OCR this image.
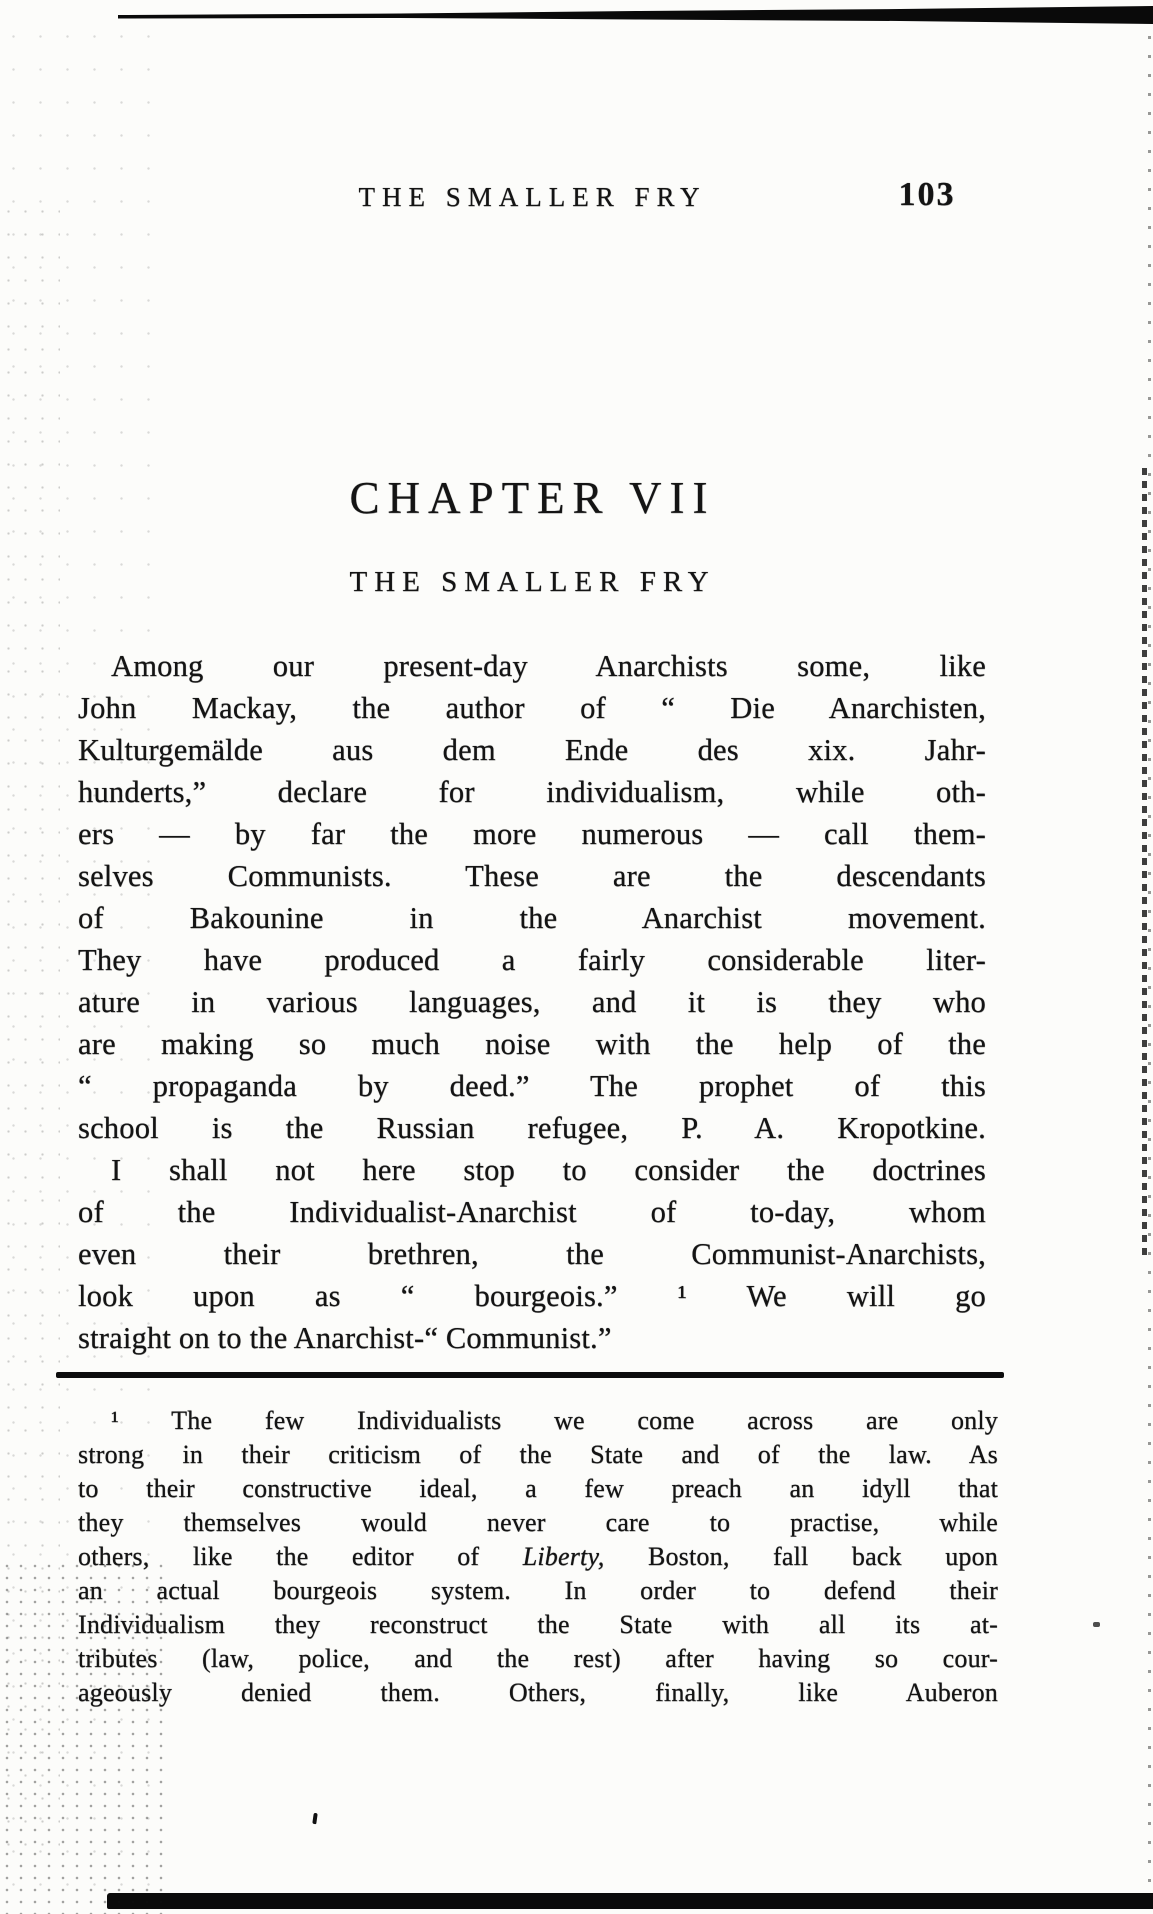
THE SMALLER FRY	103
CHAPTER VII
THE SMALLER FRY
Among our present-day Anarchists some, like
John Mackay, the author of “ Die Anarchisten,
Kulturgemälde aus dem Ende des xix. Jahr-
hunderts,” declare for individualism, while oth-
ers — by far the more numerous — call them-
selves Communists. These are the descendants
of Bakounine in the Anarchist movement.
They have produced a fairly considerable liter-
ature in various languages, and it is they who
are making so much noise with the help of the
“ propaganda by deed.” The prophet of this
school is the Russian refugee, P. A. Kropotkine.
I shall not here stop to consider the doctrines
of the Individualist-Anarchist of to-day, whom
even their brethren, the Communist-Anarchists,
look upon as “ bourgeois.” ¹ We will go
straight on to the Anarchist-“ Communist.”
¹ The few Individualists we come across are only
strong in their criticism of the State and of the law. As
to their constructive ideal, a few preach an idyll that
they themselves would never care to practise, while
others, like the editor of Liberty, Boston, fall back upon
an actual bourgeois system. In order to defend their
Individualism they reconstruct the State with all its at-
tributes (law, police, and the rest) after having so cour-
ageously denied them. Others, finally, like Auberon
